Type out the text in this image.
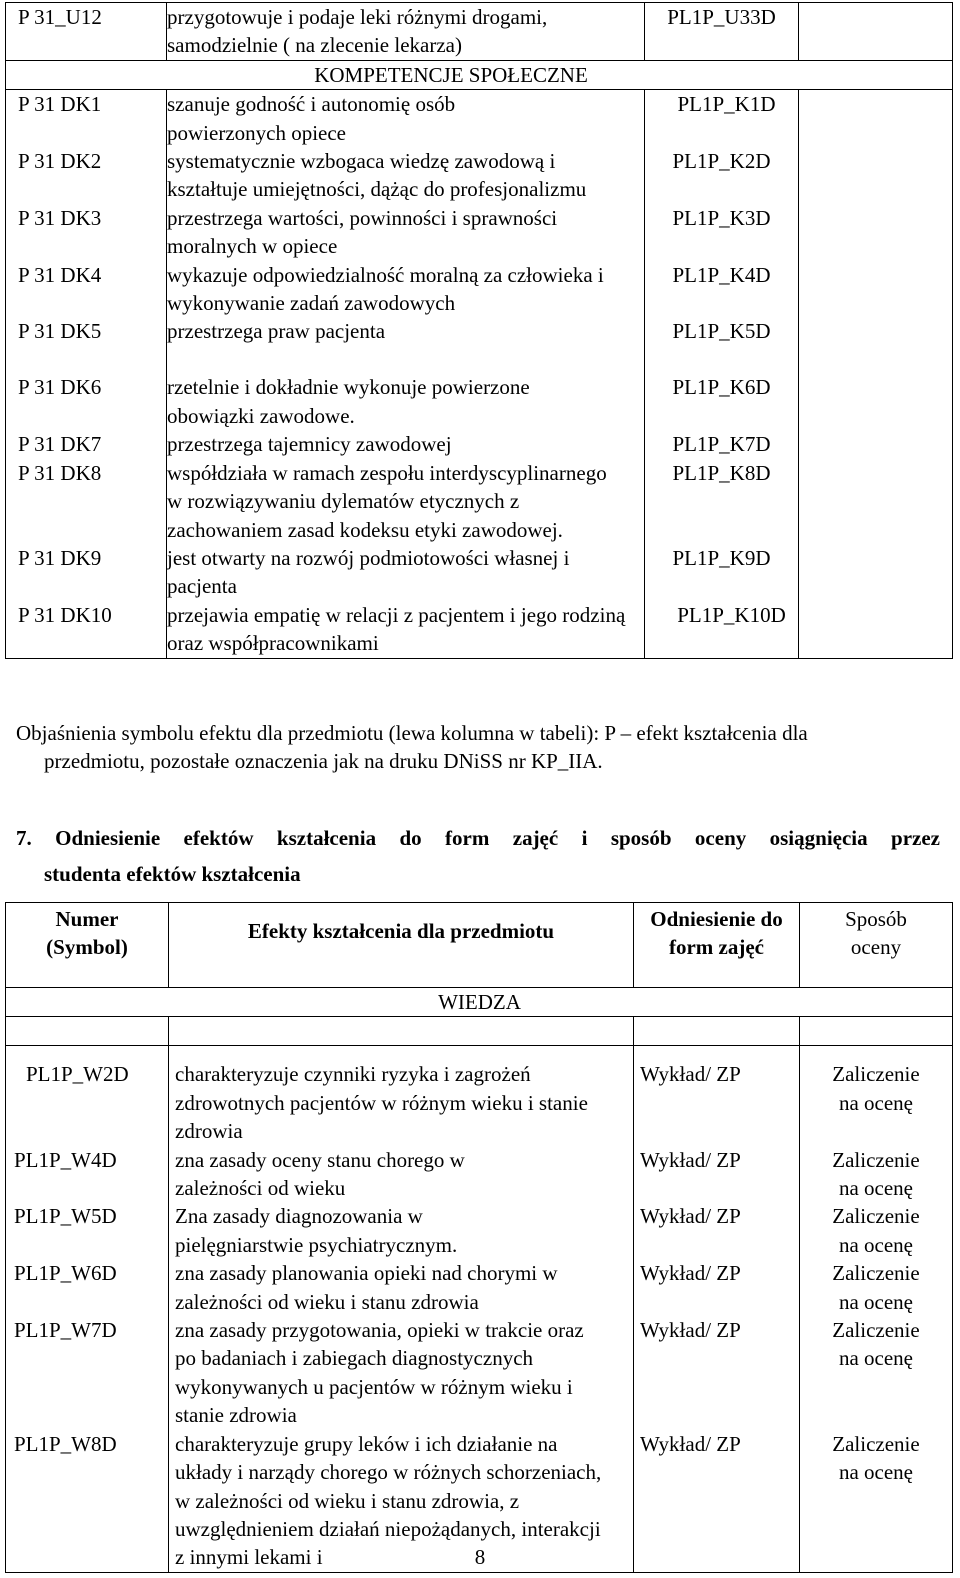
P 31_U12	przygotowuje i podaje leki różnymi drogami, samodzielnie ( na zlecenie lekarza)	PL1P_U33D	
KOMPETENCJE SPOŁECZNE			
P 31 DK1	szanuje godność i autonomię osób powierzonych opiece	PL1P_K1D	
P 31 DK2	systematycznie wzbogaca wiedzę zawodową i kształtuje umiejętności, dążąc do profesjonalizmu	PL1P_K2D	
P 31 DK3	przestrzega wartości, powinności i sprawności moralnych w opiece	PL1P_K3D	
P 31 DK4	wykazuje odpowiedzialność moralną za człowieka i wykonywanie zadań zawodowych	PL1P_K4D	
P 31 DK5	przestrzega praw pacjenta	PL1P_K5D	
P 31 DK6	rzetelnie i dokładnie wykonuje powierzone obowiązki zawodowe.	PL1P_K6D	
P 31 DK7	przestrzega tajemnicy zawodowej	PL1P_K7D	
P 31 DK8	współdziała w ramach zespołu interdyscyplinarnego w rozwiązywaniu dylematów etycznych z zachowaniem zasad kodeksu etyki zawodowej.	PL1P_K8D	
P 31 DK9	jest otwarty na rozwój podmiotowości własnej i pacjenta	PL1P_K9D	
P 31 DK10	przejawia empatię w relacji z pacjentem i jego rodziną oraz współpracownikami	PL1P_K10D	
Objaśnienia symbolu efektu dla przedmiotu (lewa kolumna w tabeli): P – efekt kształcenia dla
przedmiotu, pozostałe oznaczenia jak na druku DNiSS nr KP_IIA.
7. Odniesienie efektów kształcenia do form zajęć i sposób oceny osiągnięcia przez
studenta efektów kształcenia
Numer (Symbol)	Efekty kształcenia dla przedmiotu	Odniesienie do form zajęć	Sposób oceny

WIEDZA			

PL1P_W2D	charakteryzuje czynniki ryzyka i zagrożeń zdrowotnych pacjentów w różnym wieku i stanie zdrowia	Wykład/ ZP	Zaliczenie na ocenę
PL1P_W4D	zna zasady oceny stanu chorego w zależności od wieku	Wykład/ ZP	Zaliczenie na ocenę
PL1P_W5D	Zna zasady diagnozowania w pielęgniarstwie psychiatrycznym.	Wykład/ ZP	Zaliczenie na ocenę
PL1P_W6D	zna zasady planowania opieki nad chorymi w zależności od wieku i stanu zdrowia	Wykład/ ZP	Zaliczenie na ocenę
PL1P_W7D	zna zasady przygotowania, opieki w trakcie oraz po badaniach i zabiegach diagnostycznych wykonywanych u pacjentów w różnym wieku i stanie zdrowia	Wykład/ ZP	Zaliczenie na ocenę
PL1P_W8D	charakteryzuje grupy leków i ich działanie na układy i narządy chorego w różnych schorzeniach, w zależności od wieku i stanu zdrowia, z uwzględnieniem działań niepożądanych, interakcji z innymi lekami i	Wykład/ ZP	Zaliczenie na ocenę
8
